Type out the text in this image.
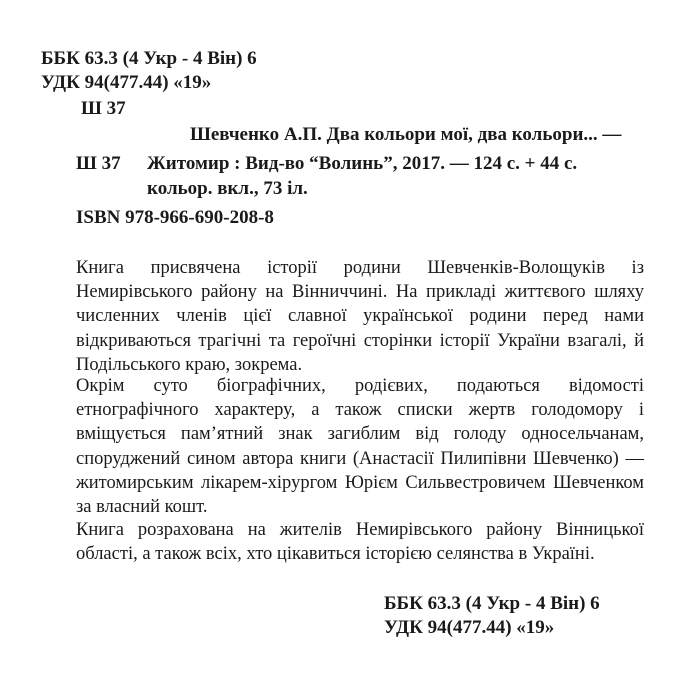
ББК 63.3 (4 Укр - 4 Він) 6
УДК 94(477.44) «19»
Ш 37
Шевченко А.П. Два кольори мої, два кольори... —
Ш 37 Житомир : Вид-во “Волинь”, 2017. — 124 с. + 44 с.
кольор. вкл., 73 іл.
ISBN 978-966-690-208-8

Книга присвячена історії родини Шевченків-Волощуків із Немирівського району на Вінниччині. На прикладі життєвого шляху численних членів цієї славної української родини перед нами відкриваються трагічні та героїчні сторінки історії України взагалі, й Подільського краю, зокрема.

Окрім суто біографічних, родієвих, подаються відомості етнографічного характеру, а також списки жертв голодомору і вміщується пам’ятний знак загиблим від голоду односельчанам, споруджений сином автора книги (Анастасії Пилипівни Шевченко) — житомирським лікарем-хірургом Юрієм Сильвестровичем Шевченком за власний кошт.

Книга розрахована на жителів Немирівського району Вінницької області, а також всіх, хто цікавиться історією селянства в Україні.

ББК 63.3 (4 Укр - 4 Він) 6
УДК 94(477.44) «19»
